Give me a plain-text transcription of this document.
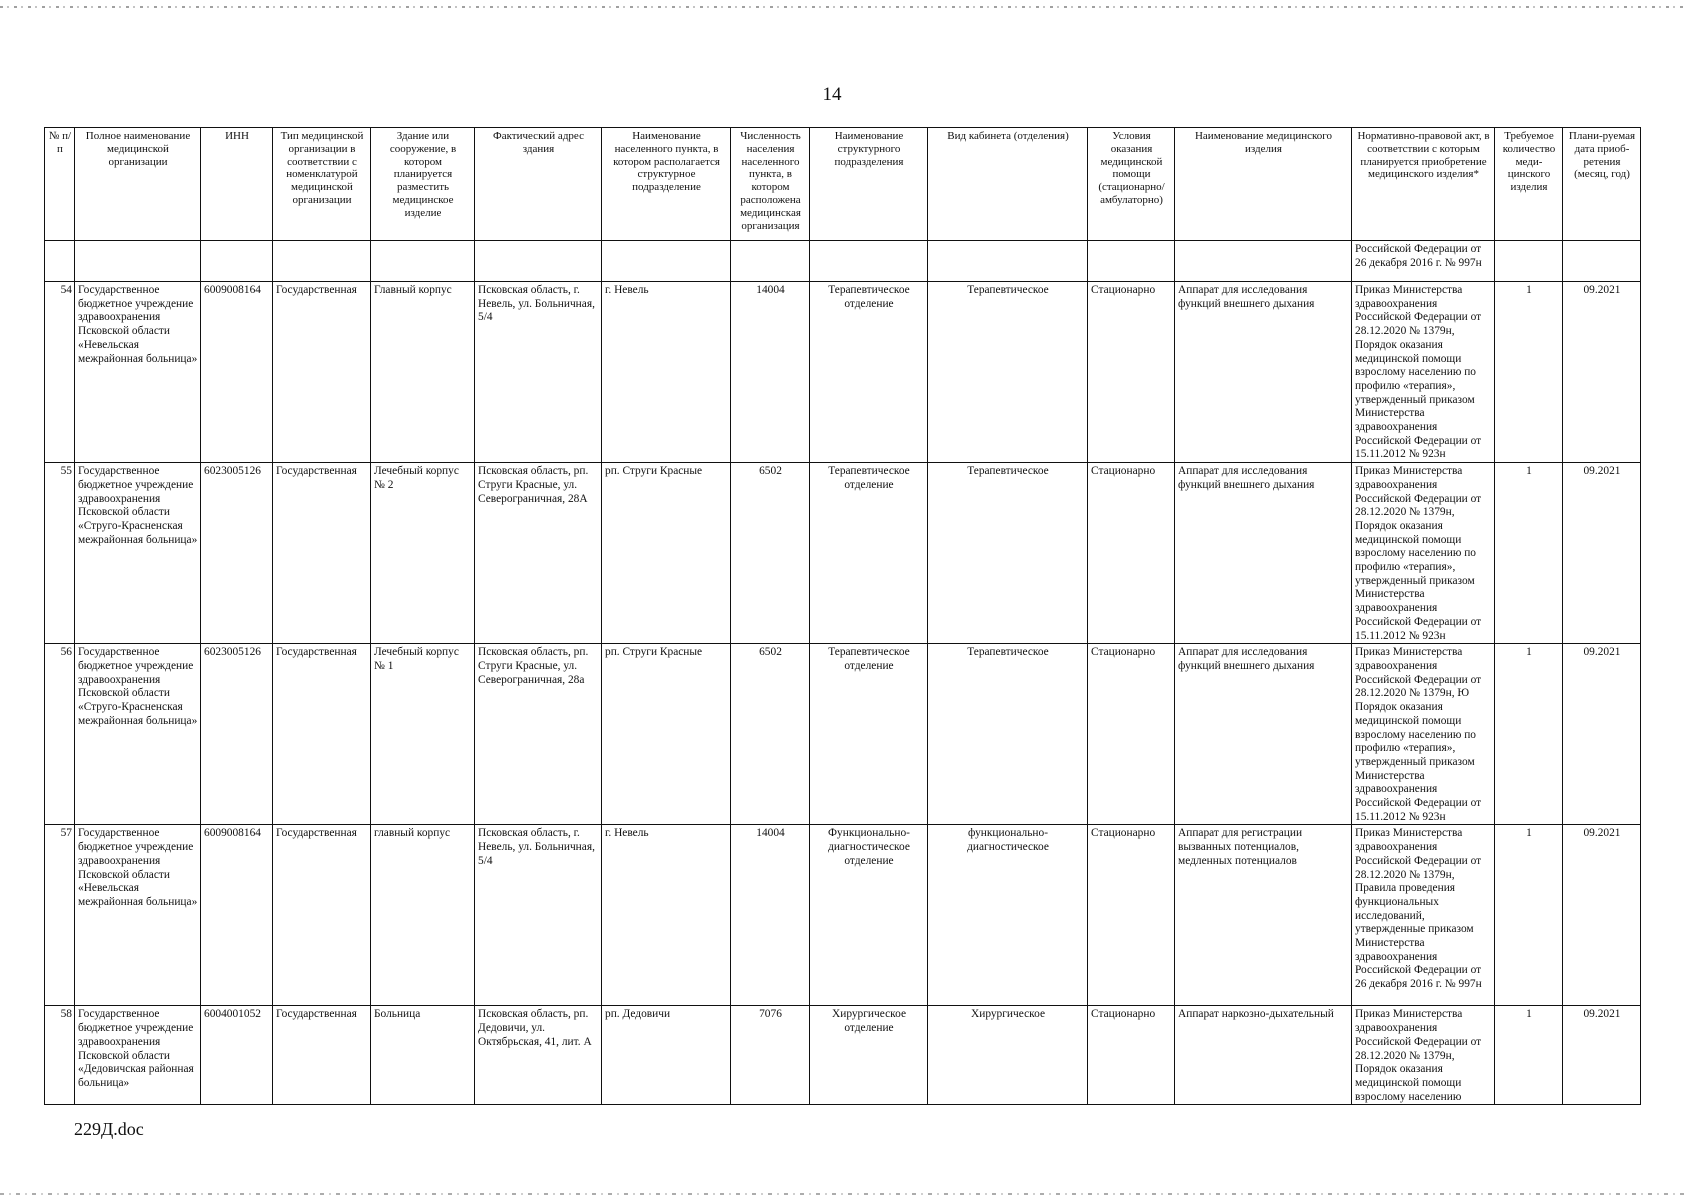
14
№ п/п	Полное наименование медицинской организации	ИНН	Тип медицинской организации в соответствии с номенклатурой медицинской организации	Здание или сооружение, в котором планируется разместить медицинское изделие	Фактический адрес здания	Наименование населенного пункта, в котором располагается структурное подразделение	Численность населения населенного пункта, в котором расположена медицинская организация	Наименование структурного подразделения	Вид кабинета (отделения)	Условия оказания медицинской помощи (стационарно/ амбулаторно)	Наименование медицинского изделия	Нормативно-правовой акт, в соответствии с которым планируется приобретение медицинского изделия*	Требуемое количество меди-цинского изделия	Плани-руемая дата приоб-ретения (месяц, год)
												Российской Федерации от 26 декабря 2016 г. № 997н		
54	Государственное бюджетное учреждение здравоохранения Псковской области «Невельская межрайонная больница»	6009008164	Государственная	Главный корпус	Псковская область, г. Невель, ул. Больничная, 5/4	г. Невель	14004	Терапевтическое отделение	Терапевтическое	Стационарно	Аппарат для исследования функций внешнего дыхания	Приказ Министерства здравоохранения Российской Федерации от 28.12.2020 № 1379н, Порядок оказания медицинской помощи взрослому населению по профилю «терапия», утвержденный приказом Министерства здравоохранения Российской Федерации от 15.11.2012 № 923н	1	09.2021
55	Государственное бюджетное учреждение здравоохранения Псковской области «Струго-Красненская межрайонная больница»	6023005126	Государственная	Лечебный корпус № 2	Псковская область, рп. Струги Красные, ул. Северограничная, 28А	рп. Струги Красные	6502	Терапевтическое отделение	Терапевтическое	Стационарно	Аппарат для исследования функций внешнего дыхания	Приказ Министерства здравоохранения Российской Федерации от 28.12.2020 № 1379н, Порядок оказания медицинской помощи взрослому населению по профилю «терапия», утвержденный приказом Министерства здравоохранения Российской Федерации от 15.11.2012 № 923н	1	09.2021
56	Государственное бюджетное учреждение здравоохранения Псковской области «Струго-Красненская межрайонная больница»	6023005126	Государственная	Лечебный корпус № 1	Псковская область, рп. Струги Красные, ул. Северограничная, 28а	рп. Струги Красные	6502	Терапевтическое отделение	Терапевтическое	Стационарно	Аппарат для исследования функций внешнего дыхания	Приказ Министерства здравоохранения Российской Федерации от 28.12.2020 № 1379н, Ю Порядок оказания медицинской помощи взрослому населению по профилю «терапия», утвержденный приказом Министерства здравоохранения Российской Федерации от 15.11.2012 № 923н	1	09.2021
57	Государственное бюджетное учреждение здравоохранения Псковской области «Невельская межрайонная больница»	6009008164	Государственная	главный корпус	Псковская область, г. Невель, ул. Больничная, 5/4	г. Невель	14004	Функционально-диагностическое отделение	функционально-диагностическое	Стационарно	Аппарат для регистрации вызванных потенциалов, медленных потенциалов	Приказ Министерства здравоохранения Российской Федерации от 28.12.2020 № 1379н, Правила проведения функциональных исследований, утвержденные приказом Министерства здравоохранения Российской Федерации от 26 декабря 2016 г. № 997н	1	09.2021
58	Государственное бюджетное учреждение здравоохранения Псковской области «Дедовичская районная больница»	6004001052	Государственная	Больница	Псковская область, рп. Дедовичи, ул. Октябрьская, 41, лит. А	рп. Дедовичи	7076	Хирургическое отделение	Хирургическое	Стационарно	Аппарат наркозно-дыхательный	Приказ Министерства здравоохранения Российской Федерации от 28.12.2020 № 1379н, Порядок оказания медицинской помощи взрослому населению	1	09.2021
229Д.doc
